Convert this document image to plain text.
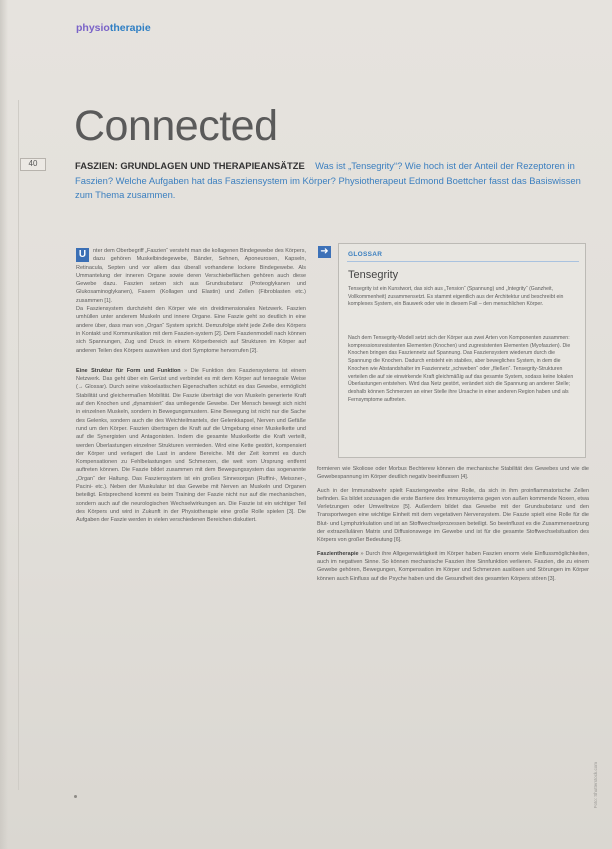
physiotherapie
Connected
40	FASZIEN: GRUNDLAGEN UND THERAPIEANSÄTZE Was ist „Tensegrity“? Wie hoch ist der Anteil der Rezeptoren in Faszien? Welche Aufgaben hat das Fasziensystem im Körper? Physiotherapeut Edmond Boettcher fasst das Basiswissen zum Thema zusammen.

U	nter dem Oberbegriff „Faszien“ versteht man die kollagenen Bindegewebe des Körpers, dazu gehören Muskelbindegewebe, Bänder, Sehnen, Aponeurosen, Kapseln, Retinacula, Septen und vor allem das überall vorhandene lockere Bindegewebe. Als Ummantelung der inneren Organe sowie deren Verschiebeflächen gehören auch diese Gewebe dazu. Faszien setzen sich aus Grundsubstanz (Proteoglykanen und Glukosaminoglykanen), Fasern (Kollagen und Elastin) und Zellen (Fibroblasten etc.) zusammen [1].

Da Fasziensystem durchzieht den Körper wie ein dreidimensionales Netzwerk. Faszien umhüllen unter anderem Muskeln und innere Organe. Eine Faszie geht so deutlich in eine andere über, dass man von „Organ“ System spricht. Demzufolge steht jede Zelle des Körpers in Kontakt und Kommunikation mit dem Faszien-system [2]. Dem Faszienmodell nach können sich Spannungen, Zug und Druck in einem Körperbereich auf Strukturen im Körper auf anderen Teilen des Körpers auswirken und dort Symptome hervorrufen [2].

Eine Struktur für Form und Funktion » Die Funktion des Fasziensystems ist einem Netzwerk. Das geht über ein Gerüst und verbindet es mit dem Körper auf tensegrale Weise (→ Glossar). Durch seine viskoelastischen Eigenschaften schützt es das Gewebe, ermöglicht Stabilität und gleichermaßen Mobilität. Die Faszie überträgt die von Muskeln generierte Kraft auf den Knochen und „dynamisiert“ das umliegende Gewebe. Der Mensch bewegt sich nicht in einzelnen Muskeln, sondern in Bewegungsmustern. Eine Bewegung ist nicht nur die Sache des Gelenks, sondern auch die des Weichteilmantels, der Gelenkkapsel, Nerven und Gefäße rund um den Körper. Faszien übertragen die Kraft auf die Umgebung einer Muskelkette und auf die Synergisten und Antagonisten. Indem die gesamte Muskelkette die Kraft verteilt, werden Überlastungen einzelner Strukturen vermieden. Wird eine Kette gestört, kompensiert der Körper und verlagert die Last in andere Bereiche. Mit der Zeit kommt es durch Kompensationen zu Fehlbelastungen und Schmerzen, die weit vom Ursprung entfernt auftreten können. Die Faszie bildet zusammen mit dem Bewegungssystem das sogenannte „Organ“ der Haltung. Das Fasziensystem ist ein großes Sinnesorgan (Ruffini-, Meissner-, Pacini- etc.). Neben der Muskulatur ist das Gewebe mit Nerven an Muskeln und Organen beteiligt. Entsprechend kommt es beim Training der Faszie nicht nur auf die mechanischen, sondern auch auf die neurologischen Wechselwirkungen an. Die Faszie ist ein wichtiger Teil des Körpers und wird in Zukunft in der Physiotherapie eine große Rolle spielen [3]. Die Aufgaben der Faszie werden in vielen verschiedenen Bereichen diskutiert.

➜	GLOSSAR
Tensegrity
Tensegrity ist ein Kunstwort, das sich aus „Tension“ (Spannung) und „Integrity“ (Ganzheit, Vollkommenheit) zusammensetzt. Es stammt eigentlich aus der Architektur und beschreibt ein komplexes System, ein Bauwerk oder wie in diesem Fall – den menschlichen Körper.
Nach dem Tensegrity-Modell setzt sich der Körper aus zwei Arten von Komponenten zusammen: kompressionsresistenten Elementen (Knochen) und zugresistenten Elementen (Myofaszien). Die Knochen bringen das Fasziennetz auf Spannung. Das Fasziensystem wiederum durch die Spannung die Knochen. Dadurch entsteht ein stabiles, aber bewegliches System, in dem die Knochen wie Abstandshalter im Fasziennetz „schweben“ oder „fließen“. Tensegrity-Strukturen verteilen die auf sie einwirkende Kraft gleichmäßig auf das gesamte System, sodass keine lokalen Überlastungen entstehen. Wird das Netz gestört, verändert sich die Spannung an anderer Stelle; deshalb können Schmerzen an einer Stelle ihre Ursache in einer anderen Region haben und als Fernsymptome auftreten.

formieren wie Skoliose oder Morbus Bechterew können die mechanische Stabilität des Gewebes und wie die Gewebespannung im Körper deutlich negativ beeinflussen [4].

Auch in der Immunabwehr spielt Fasziengewebe eine Rolle, da sich in ihm proinflammatorische Zellen befinden. Es bildet sozusagen die erste Barriere des Immunsystems gegen von außen kommende Noxen, etwa Verletzungen oder Umweltreize [5]. Außerdem bildet das Gewebe mit der Grundsubstanz und den Transportwegen eine wichtige Einheit mit dem vegetativen Nervensystem. Die Faszie spielt eine Rolle für die Blut- und Lymphzirkulation und ist an Stoffwechselprozessen beteiligt. So beeinflusst es die Zusammensetzung der extrazellulären Matrix und Diffusionswege im Gewebe und ist für die gesamte Stoffwechselsituation des Körpers von großer Bedeutung [6].

Faszientherapie » Durch ihre Allgegenwärtigkeit im Körper haben Faszien enorm viele Einflussmöglichkeiten, auch im negativen Sinne. So können mechanische Faszien ihre Sinnfunktion verlieren. Faszien, die zu einem Gewebe gehören, Bewegungen, Kompensation im Körper und Schmerzen auslösen und Störungen im Körper können auch Einfluss auf die Psyche haben und die Gesundheit des gesamten Körpers stören [3].

Foto: Shutterstock.com
